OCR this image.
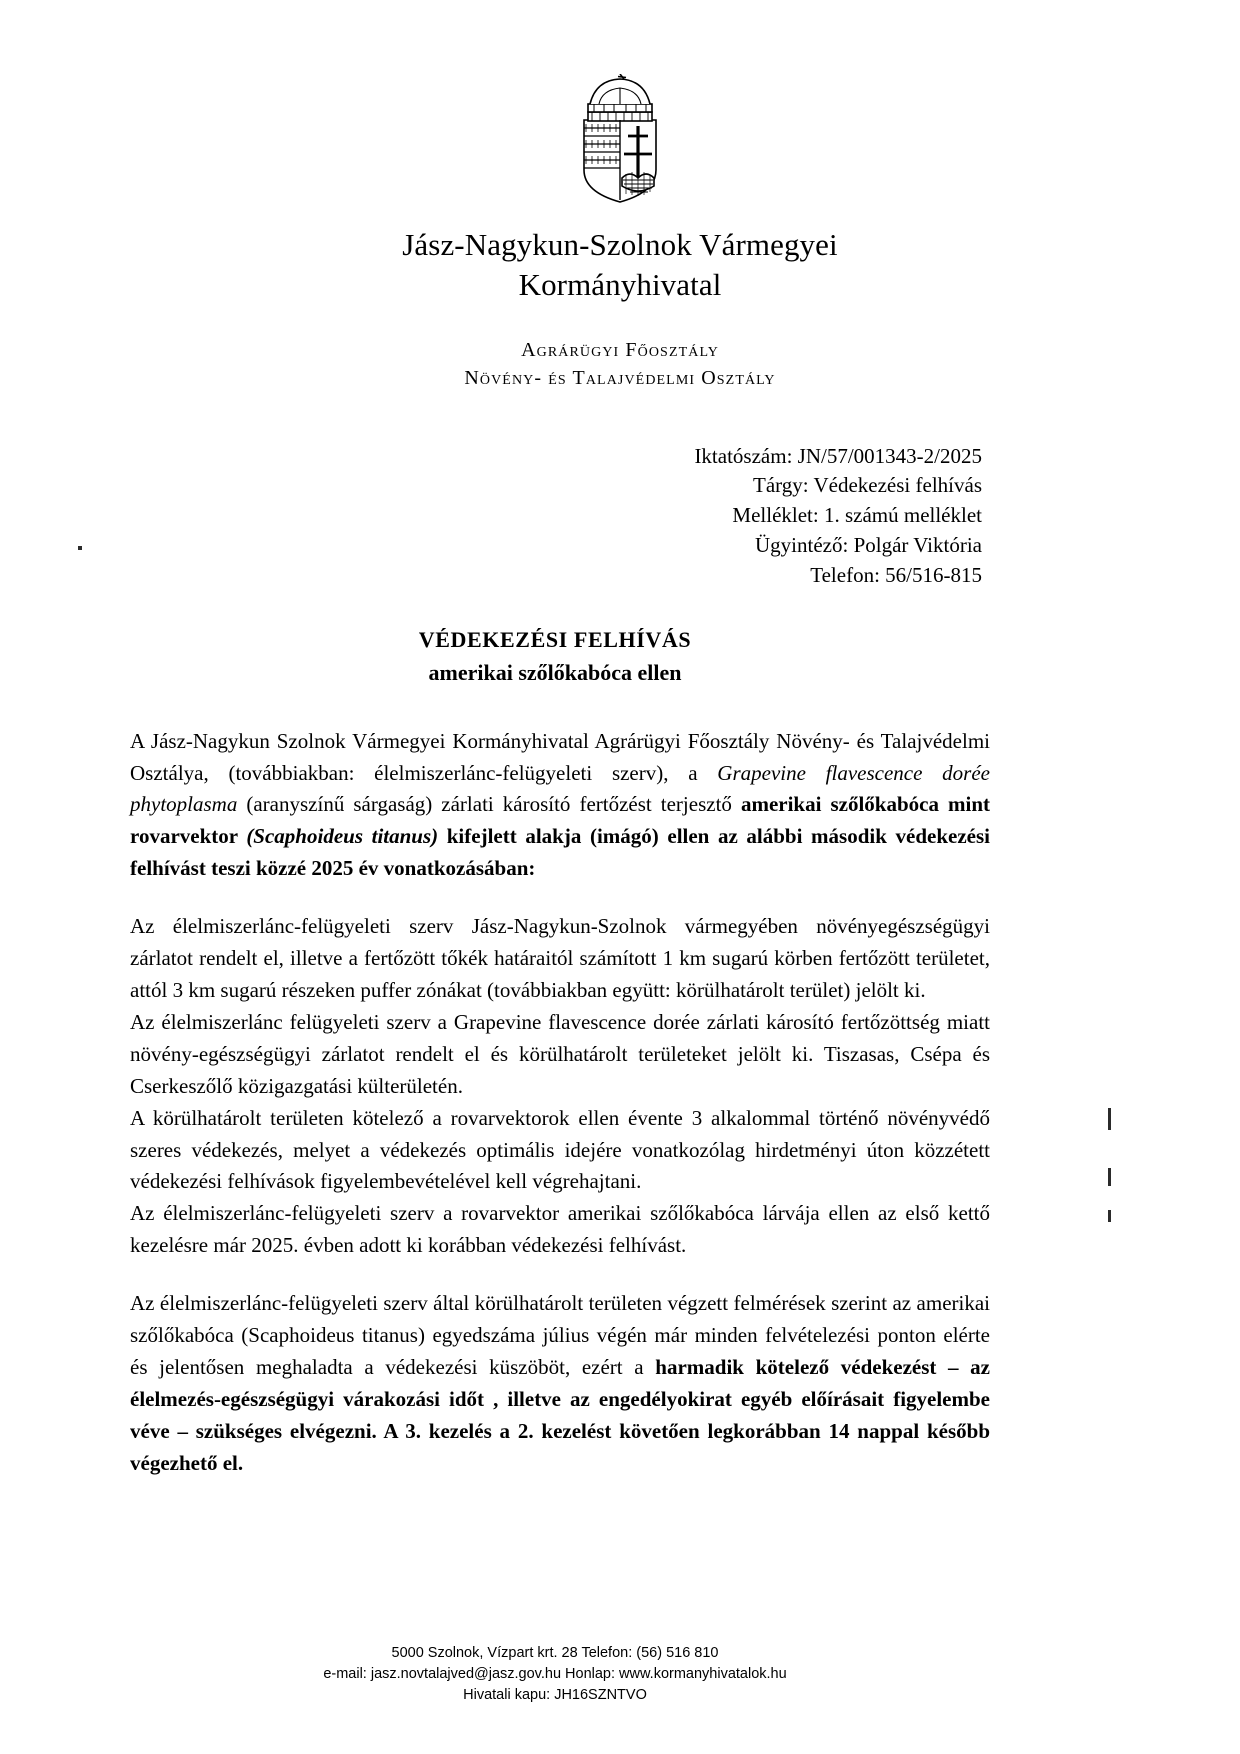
Jász-Nagykun-Szolnok Vármegyei
Kormányhivatal
Agrárügyi Főosztály
Növény- és Talajvédelmi Osztály
Iktatószám: JN/57/001343-2/2025
Tárgy: Védekezési felhívás
Melléklet: 1. számú melléklet
Ügyintéző: Polgár Viktória
Telefon: 56/516-815
VÉDEKEZÉSI FELHÍVÁS
amerikai szőlőkabóca ellen

A Jász-Nagykun Szolnok Vármegyei Kormányhivatal Agrárügyi Főosztály Növény- és Talajvédelmi Osztálya, (továbbiakban: élelmiszerlánc-felügyeleti szerv), a Grapevine flavescence dorée phytoplasma (aranyszínű sárgaság) zárlati károsító fertőzést terjesztő amerikai szőlőkabóca mint rovarvektor (Scaphoideus titanus) kifejlett alakja (imágó) ellen az alábbi második védekezési felhívást teszi közzé 2025 év vonatkozásában:

Az élelmiszerlánc-felügyeleti szerv Jász-Nagykun-Szolnok vármegyében növényegészségügyi zárlatot rendelt el, illetve a fertőzött tőkék határaitól számított 1 km sugarú körben fertőzött területet, attól 3 km sugarú részeken puffer zónákat (továbbiakban együtt: körülhatárolt terület) jelölt ki.

Az élelmiszerlánc felügyeleti szerv a Grapevine flavescence dorée zárlati károsító fertőzöttség miatt növény-egészségügyi zárlatot rendelt el és körülhatárolt területeket jelölt ki. Tiszasas, Csépa és Cserkeszőlő közigazgatási külterületén.

A körülhatárolt területen kötelező a rovarvektorok ellen évente 3 alkalommal történő növényvédő szeres védekezés, melyet a védekezés optimális idejére vonatkozólag hirdetményi úton közzétett védekezési felhívások figyelembevételével kell végrehajtani.

Az élelmiszerlánc-felügyeleti szerv a rovarvektor amerikai szőlőkabóca lárvája ellen az első kettő kezelésre már 2025. évben adott ki korábban védekezési felhívást.

Az élelmiszerlánc-felügyeleti szerv által körülhatárolt területen végzett felmérések szerint az amerikai szőlőkabóca (Scaphoideus titanus) egyedszáma július végén már minden felvételezési ponton elérte és jelentősen meghaladta a védekezési küszöböt, ezért a harmadik kötelező védekezést – az élelmezés-egészségügyi várakozási időt , illetve az engedélyokirat egyéb előírásait figyelembe véve – szükséges elvégezni. A 3. kezelés a 2. kezelést követően legkorábban 14 nappal később végezhető el.

5000 Szolnok, Vízpart krt. 28 Telefon: (56) 516 810
e-mail: jasz.novtalajved@jasz.gov.hu Honlap: www.kormanyhivatalok.hu
Hivatali kapu: JH16SZNTVO
